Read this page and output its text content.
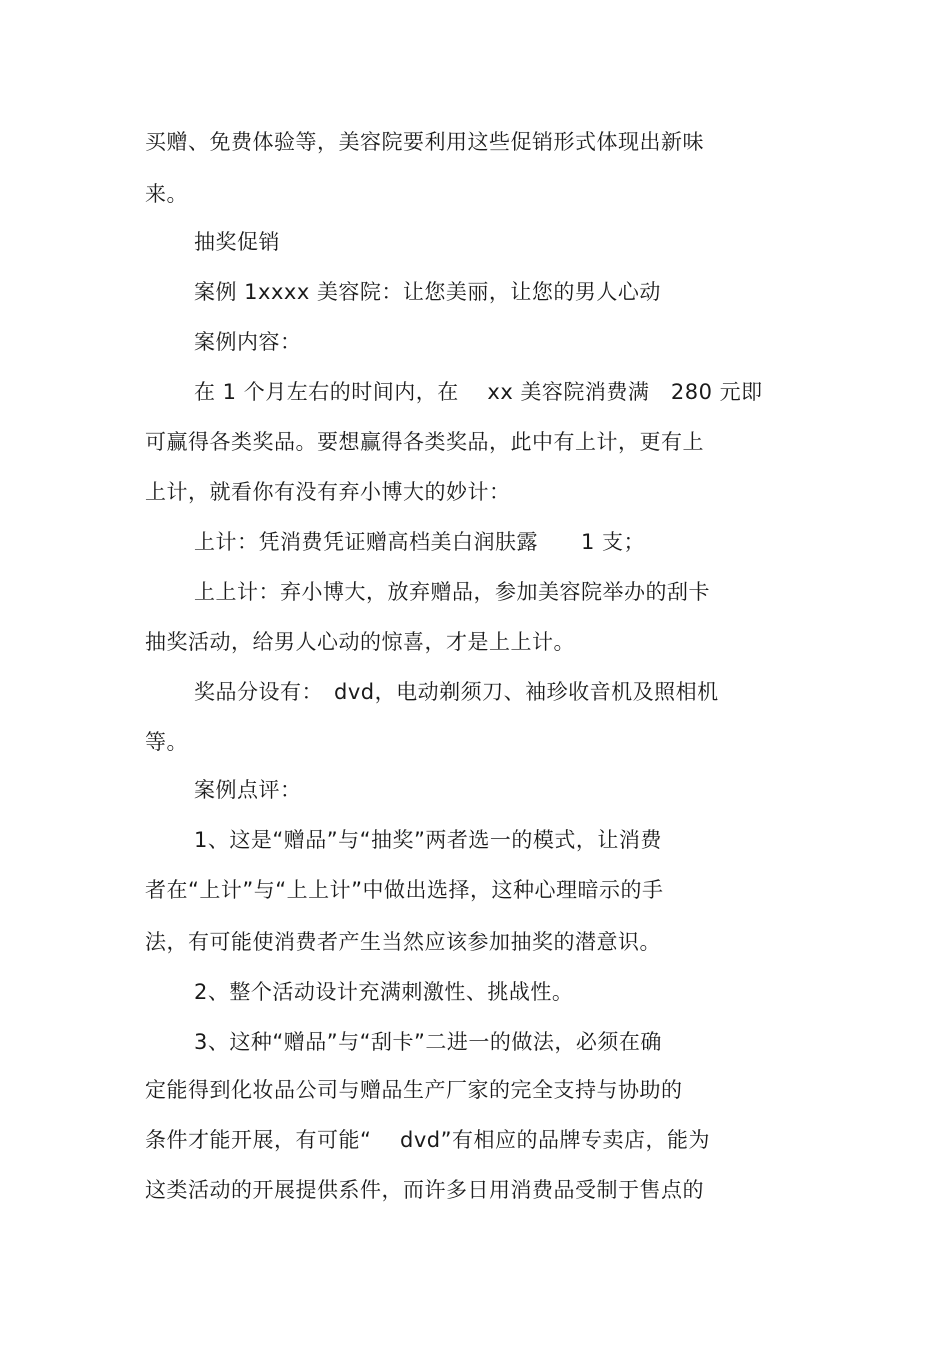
买赠、免费体验等，美容院要利用这些促销形式体现出新味
来。
抽奖促销
案例 1xxxx 美容院：让您美丽，让您的男人心动
案例内容：
在 1 个月左右的时间内，在　 xx 美容院消费满　280 元即
可赢得各类奖品。要想赢得各类奖品，此中有上计，更有上
上计，就看你有没有弃小博大的妙计：
上计：凭消费凭证赠高档美白润肤露　　1 支；
上上计：弃小博大，放弃赠品，参加美容院举办的刮卡
抽奖活动，给男人心动的惊喜，才是上上计。
奖品分设有：　dvd，电动剃须刀、袖珍收音机及照相机
等。
案例点评：
1、这是“赠品”与“抽奖”两者选一的模式，让消费
者在“上计”与“上上计”中做出选择，这种心理暗示的手
法，有可能使消费者产生当然应该参加抽奖的潜意识。
2、整个活动设计充满刺激性、挑战性。
3、这种“赠品”与“刮卡”二进一的做法，必须在确
定能得到化妆品公司与赠品生产厂家的完全支持与协助的
条件才能开展，有可能“　 dvd”有相应的品牌专卖店，能为
这类活动的开展提供系件，而许多日用消费品受制于售点的
